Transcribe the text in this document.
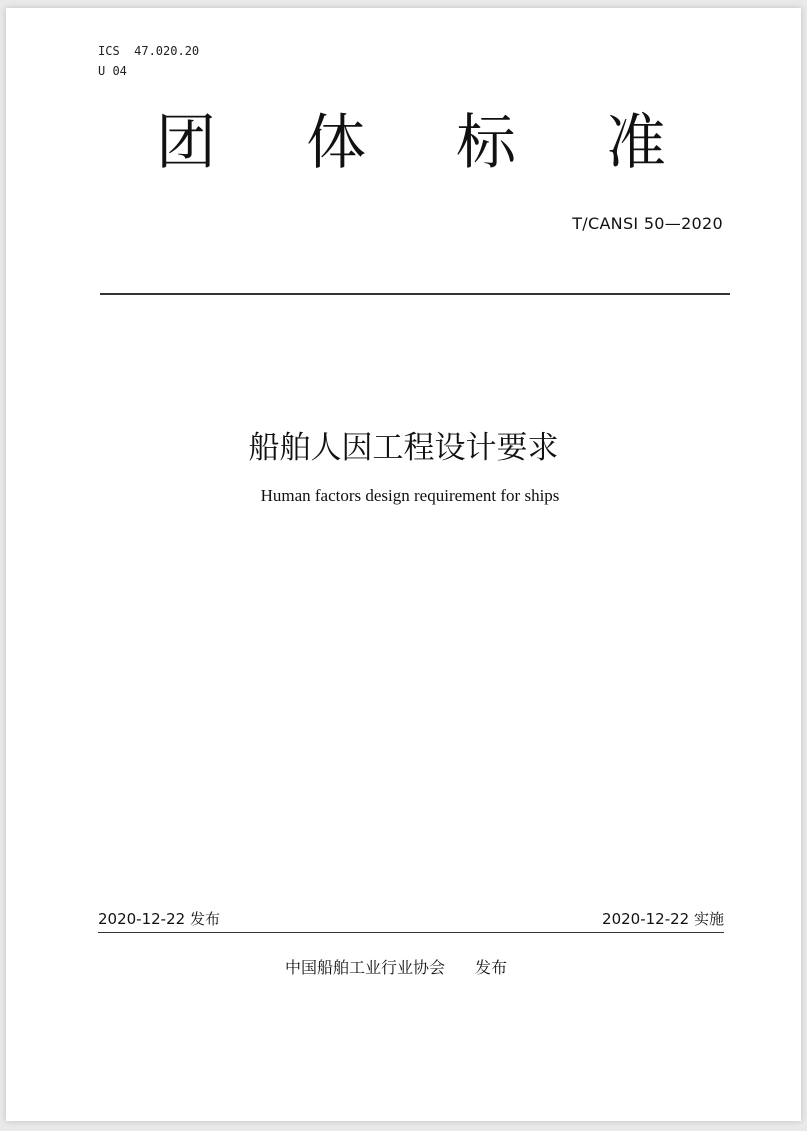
ICS  47.020.20
U 04
团 体 标 准
T/CANSI 50—2020
船舶人因工程设计要求
Human factors design requirement for ships
2020-12-22 发布	2020-12-22 实施
中国船舶工业行业协会 发布
